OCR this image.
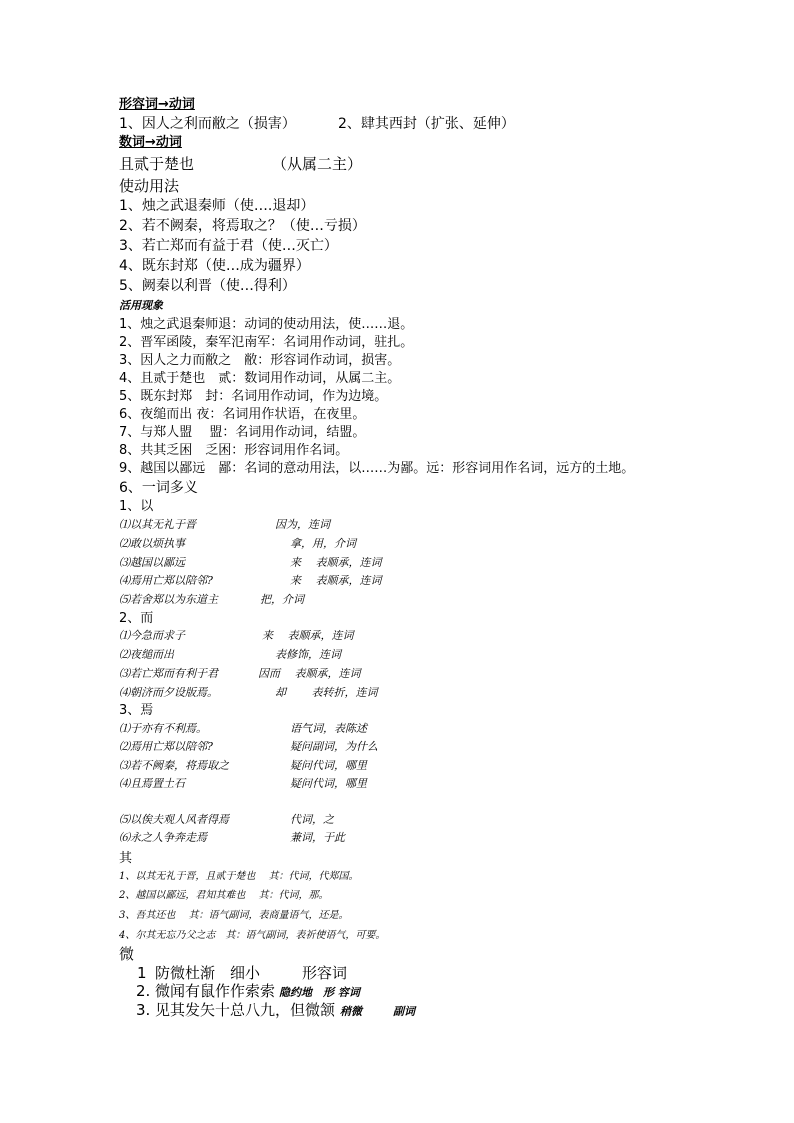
形容词→动词
1、因人之利而敝之（损害）	2、肆其西封（扩张、延伸）
数词→动词
且贰于楚也	（从属二主）
使动用法
1、烛之武退秦师（使….退却）
2、若不阙秦，将焉取之？（使…亏损）
3、若亡郑而有益于君（使…灭亡）
4、既东封郑（使…成为疆界）
5、阙秦以利晋（使…得利）
活用现象
1、烛之武退秦师退：动词的使动用法，使……退。
2、晋军函陵，秦军氾南军：名词用作动词，驻扎。
3、因人之力而敝之　敝：形容词作动词，损害。
4、且贰于楚也　贰：数词用作动词，从属二主。
5、既东封郑　封：名词用作动词，作为边境。
6、夜缒而出 夜：名词用作状语，在夜里。
7、与郑人盟　 盟：名词用作动词，结盟。
8、共其乏困　乏困：形容词用作名词。
9、越国以鄙远　鄙：名词的意动用法，以……为鄙。远：形容词用作名词，远方的土地。
6、一词多义
1、以
⑴以其无礼于晋	因为，连词
⑵敢以烦执事	拿，用，介词
⑶越国以鄙远	来　 表顺承，连词
⑷焉用亡郑以陪邻?	来　 表顺承，连词
⑸若舍郑以为东道主	把，介词
2、而
⑴今急而求子	来　 表顺承，连词
⑵夜缒而出	表修饰，连词
⑶若亡郑而有利于君	因而　 表顺承，连词
⑷朝济而夕设版焉。	却　　 表转折，连词
3、焉
⑴于亦有不利焉。	语气词，表陈述
⑵焉用亡郑以陪邻?	疑问副词，为什么
⑶若不阙秦，将焉取之	疑问代词，哪里
⑷且焉置土石	疑问代词，哪里
⑸以俟夫观人风者得焉	代词，之
⑹永之人争奔走焉	兼词，于此
其
1、以其无礼于晋，且贰于楚也　 其：代词，代郑国。
2、越国以鄙远，君知其难也　 其：代词，那。
3、吾其还也　 其：语气副词，表商量语气，还是。
4、尔其无忘乃父之志　其：语气副词，表祈使语气，可要。
微
1 防微杜渐　细小	形容词
2. 微闻有鼠作作索索 隐约地　形 容词
3. 见其发矢十总八九，但微颔 稍微	副词
